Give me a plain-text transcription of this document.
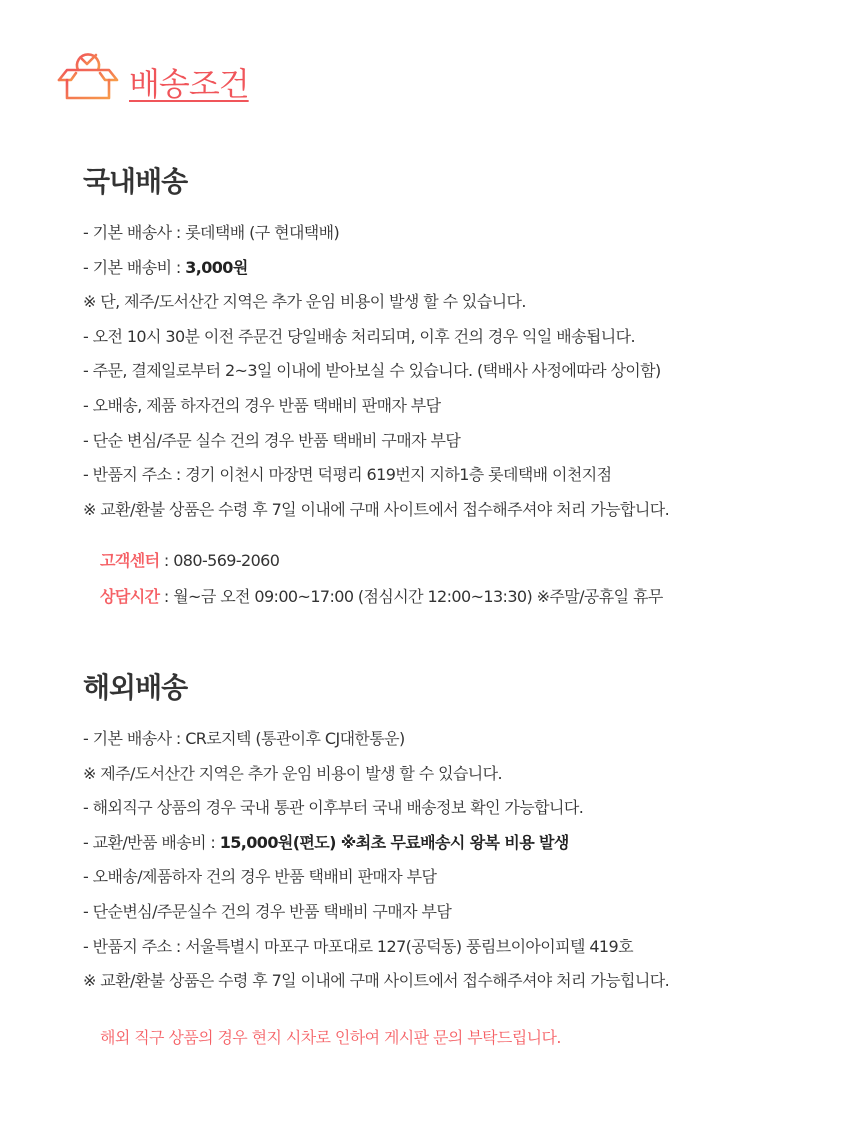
배송조건
국내배송
- 기본 배송사 : 롯데택배 (구 현대택배)
- 기본 배송비 : 3,000원
※ 단, 제주/도서산간 지역은 추가 운임 비용이 발생 할 수 있습니다.
- 오전 10시 30분 이전 주문건 당일배송 처리되며, 이후 건의 경우 익일 배송됩니다.
- 주문, 결제일로부터 2~3일 이내에 받아보실 수 있습니다. (택배사 사정에따라 상이함)
- 오배송, 제품 하자건의 경우 반품 택배비 판매자 부담
- 단순 변심/주문 실수 건의 경우 반품 택배비 구매자 부담
- 반품지 주소 : 경기 이천시 마장면 덕평리 619번지 지하1층 롯데택배 이천지점
※ 교환/환불 상품은 수령 후 7일 이내에 구매 사이트에서 접수해주셔야 처리 가능합니다.
고객센터 : 080-569-2060
상담시간 : 월~금 오전 09:00~17:00 (점심시간 12:00~13:30) ※주말/공휴일 휴무
해외배송
- 기본 배송사 : CR로지텍 (통관이후 CJ대한통운)
※ 제주/도서산간 지역은 추가 운임 비용이 발생 할 수 있습니다.
- 해외직구 상품의 경우 국내 통관 이후부터 국내 배송정보 확인 가능합니다.
- 교환/반품 배송비 : 15,000원(편도) ※최초 무료배송시 왕복 비용 발생
- 오배송/제품하자 건의 경우 반품 택배비 판매자 부담
- 단순변심/주문실수 건의 경우 반품 택배비 구매자 부담
- 반품지 주소 : 서울특별시 마포구 마포대로 127(공덕동) 풍림브이아이피텔 419호
※ 교환/환불 상품은 수령 후 7일 이내에 구매 사이트에서 접수해주셔야 처리 가능힙니다.
해외 직구 상품의 경우 현지 시차로 인하여 게시판 문의 부탁드립니다.
